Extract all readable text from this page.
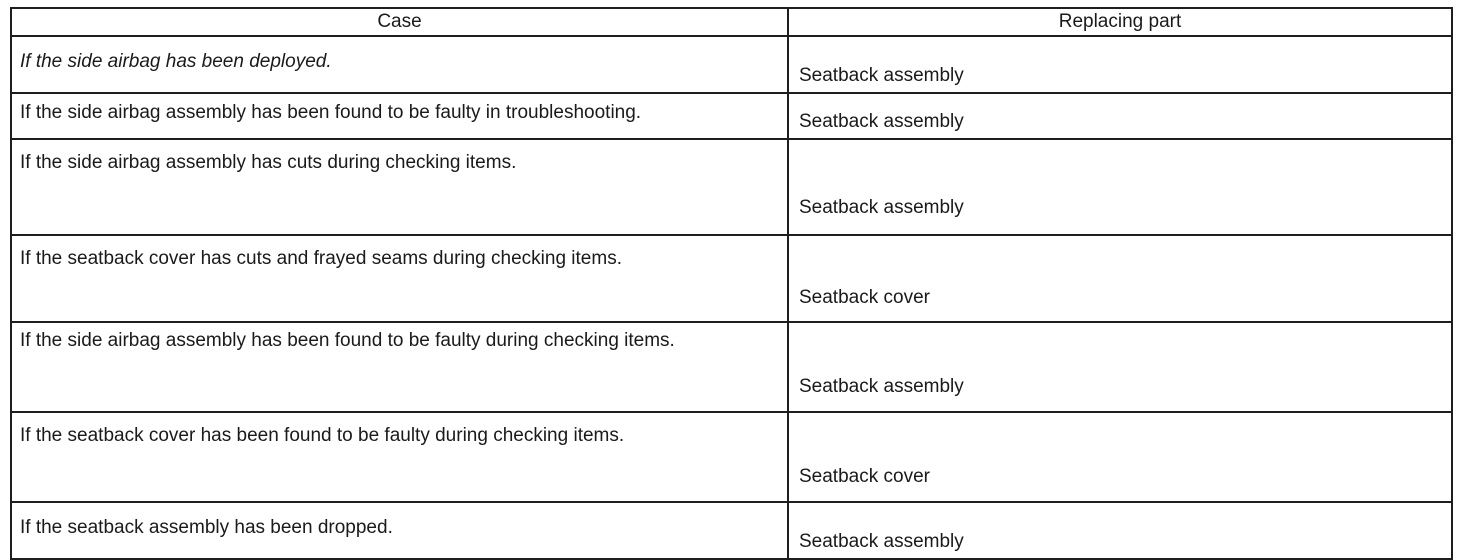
Case	Replacing part
If the side airbag has been deployed.	Seatback assembly
If the side airbag assembly has been found to be faulty in troubleshooting.	Seatback assembly
If the side airbag assembly has cuts during checking items.	Seatback assembly
If the seatback cover has cuts and frayed seams during checking items.	Seatback cover
If the side airbag assembly has been found to be faulty during checking items.	Seatback assembly
If the seatback cover has been found to be faulty during checking items.	Seatback cover
If the seatback assembly has been dropped.	Seatback assembly
